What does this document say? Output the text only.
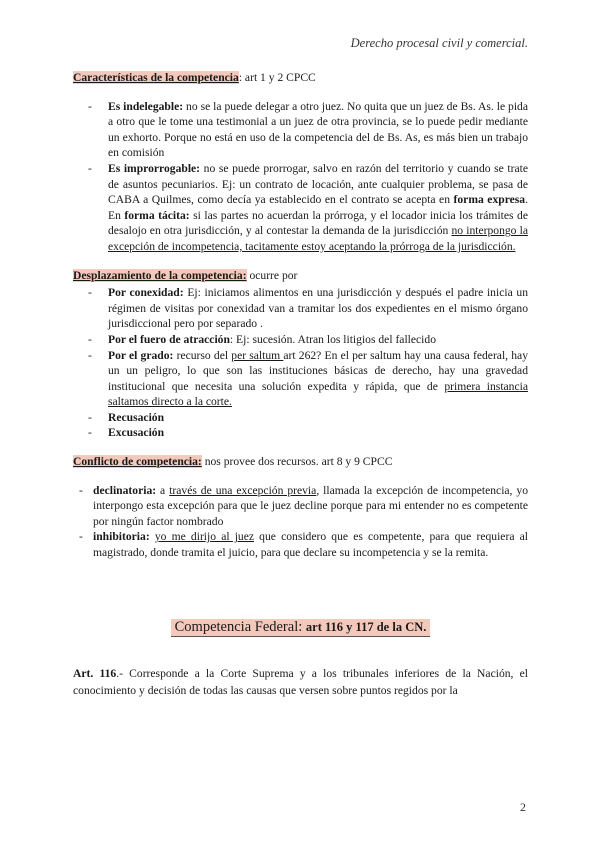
Derecho procesal civil y comercial.

Características de la competencia: art 1 y 2 CPCC

- Es indelegable: no se la puede delegar a otro juez. No quita que un juez de Bs. As. le pida a otro que le tome una testimonial a un juez de otra provincia, se lo puede pedir mediante un exhorto. Porque no está en uso de la competencia del de Bs. As, es más bien un trabajo en comisión
- Es improrrogable: no se puede prorrogar, salvo en razón del territorio y cuando se trate de asuntos pecuniarios. Ej: un contrato de locación, ante cualquier problema, se pasa de CABA a Quilmes, como decía ya establecido en el contrato se acepta en forma expresa. En forma tácita: si las partes no acuerdan la prórroga, y el locador inicia los trámites de desalojo en otra jurisdicción, y al contestar la demanda de la jurisdicción no interpongo la excepción de incompetencia, tacitamente estoy aceptando la prórroga de la jurisdicción.

Desplazamiento de la competencia: ocurre por

- Por conexidad: Ej: iniciamos alimentos en una jurisdicción y después el padre inicia un régimen de visitas por conexidad van a tramitar los dos expedientes en el mismo órgano jurisdiccional pero por separado .
- Por el fuero de atracción: Ej: sucesión. Atran los litigios del fallecido
- Por el grado: recurso del per saltum art 262? En el per saltum hay una causa federal, hay un un peligro, lo que son las instituciones básicas de derecho, hay una gravedad institucional que necesita una solución expedita y rápida, que de primera instancia saltamos directo a la corte.
- Recusación
- Excusación

Conflicto de competencia: nos provee dos recursos. art 8 y 9 CPCC

- declinatoria: a través de una excepción previa, llamada la excepción de incompetencia, yo interpongo esta excepción para que le juez decline porque para mi entender no es competente por ningún factor nombrado
- inhibitoria: yo me dirijo al juez que considero que es competente, para que requiera al magistrado, donde tramita el juicio, para que declare su incompetencia y se la remita.
Competencia Federal: art 116 y 117 de la CN.

Art. 116.- Corresponde a la Corte Suprema y a los tribunales inferiores de la Nación, el conocimiento y decisión de todas las causas que versen sobre puntos regidos por la

2
